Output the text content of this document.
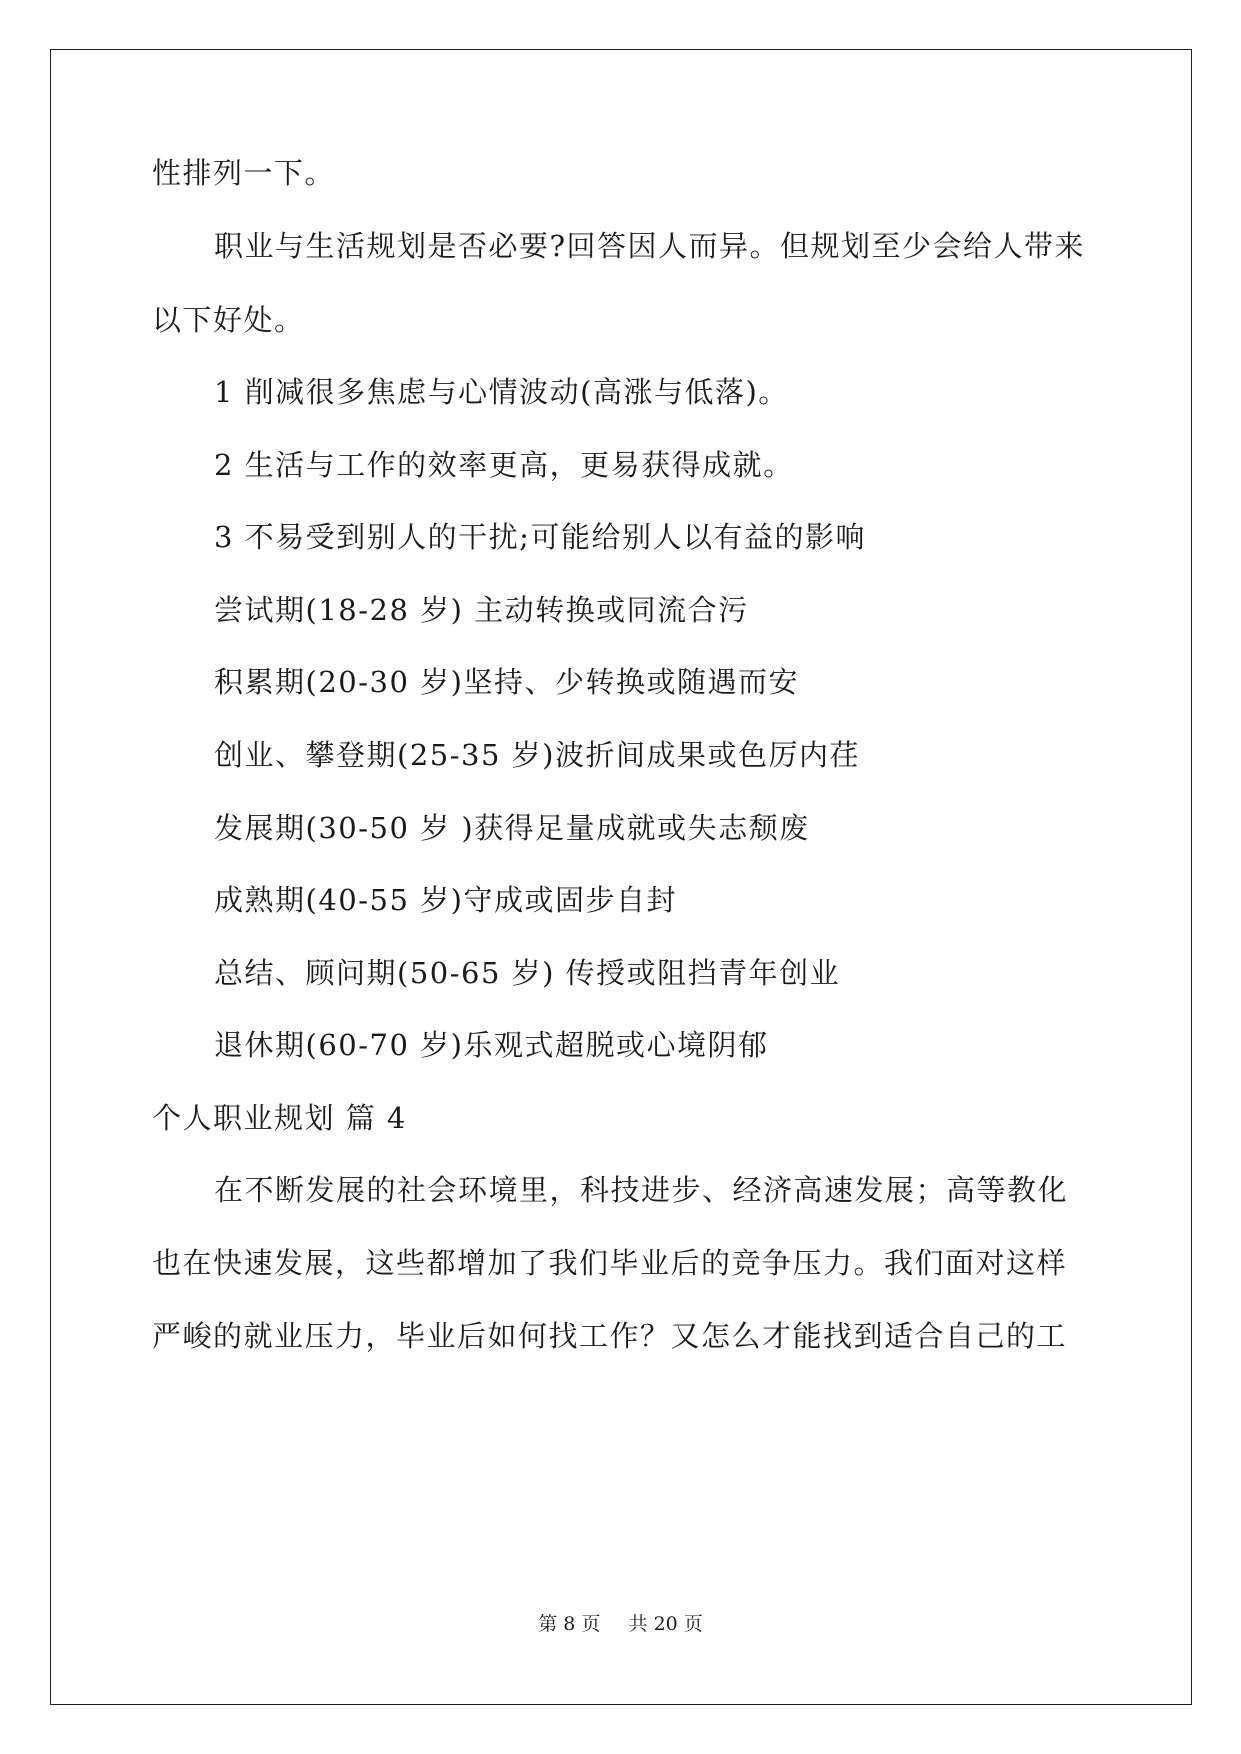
性排列一下。
职业与生活规划是否必要?回答因人而异。但规划至少会给人带来
以下好处。
1 削减很多焦虑与心情波动(高涨与低落)。
2 生活与工作的效率更高，更易获得成就。
3 不易受到别人的干扰;可能给别人以有益的影响
尝试期(18-28 岁) 主动转换或同流合污
积累期(20-30 岁)坚持、少转换或随遇而安
创业、攀登期(25-35 岁)波折间成果或色厉内荏
发展期(30-50 岁 )获得足量成就或失志颓废
成熟期(40-55 岁)守成或固步自封
总结、顾问期(50-65 岁) 传授或阻挡青年创业
退休期(60-70 岁)乐观式超脱或心境阴郁
个人职业规划 篇 4
在不断发展的社会环境里，科技进步、经济高速发展；高等教化
也在快速发展，这些都增加了我们毕业后的竞争压力。我们面对这样
严峻的就业压力，毕业后如何找工作？又怎么才能找到适合自己的工
第 8 页 共 20 页
